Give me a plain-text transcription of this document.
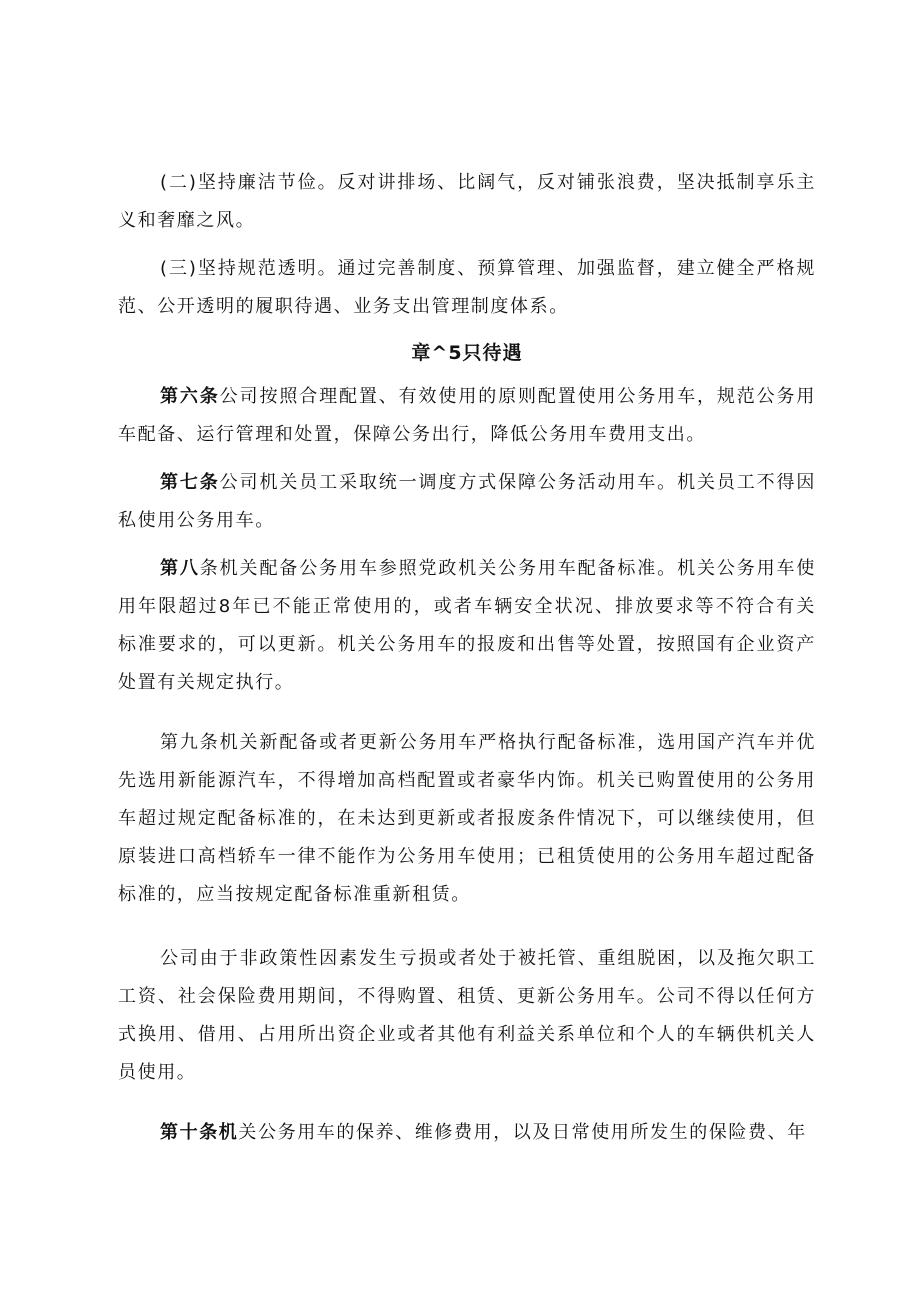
(二)坚持廉洁节俭。反对讲排场、比阔气，反对铺张浪费，坚决抵制享乐主义和奢靡之风。

(三)坚持规范透明。通过完善制度、预算管理、加强监督，建立健全严格规范、公开透明的履职待遇、业务支出管理制度体系。

章^5只待遇

第六条公司按照合理配置、有效使用的原则配置使用公务用车，规范公务用车配备、运行管理和处置，保障公务出行，降低公务用车费用支出。

第七条公司机关员工采取统一调度方式保障公务活动用车。机关员工不得因私使用公务用车。

第八条机关配备公务用车参照党政机关公务用车配备标准。机关公务用车使用年限超过8年已不能正常使用的，或者车辆安全状况、排放要求等不符合有关标准要求的，可以更新。机关公务用车的报废和出售等处置，按照国有企业资产处置有关规定执行。

第九条机关新配备或者更新公务用车严格执行配备标准，选用国产汽车并优先选用新能源汽车，不得增加高档配置或者豪华内饰。机关已购置使用的公务用车超过规定配备标准的，在未达到更新或者报废条件情况下，可以继续使用，但原装进口高档轿车一律不能作为公务用车使用；已租赁使用的公务用车超过配备标准的，应当按规定配备标准重新租赁。

公司由于非政策性因素发生亏损或者处于被托管、重组脱困，以及拖欠职工工资、社会保险费用期间，不得购置、租赁、更新公务用车。公司不得以任何方式换用、借用、占用所出资企业或者其他有利益关系单位和个人的车辆供机关人员使用。

第十条机关公务用车的保养、维修费用，以及日常使用所发生的保险费、年
